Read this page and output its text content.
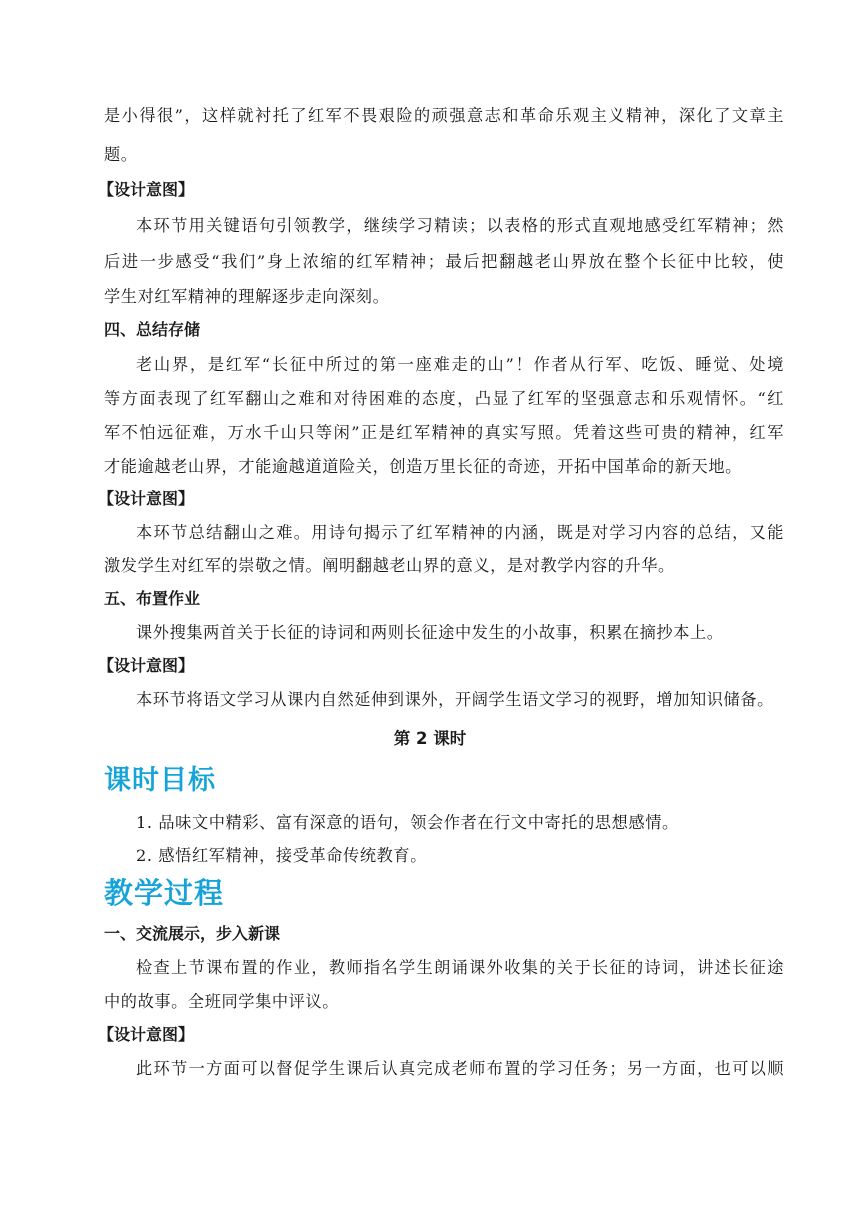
是小得很”，这样就衬托了红军不畏艰险的顽强意志和革命乐观主义精神，深化了文章主
题。
【设计意图】
本环节用关键语句引领教学，继续学习精读；以表格的形式直观地感受红军精神；然
后进一步感受“我们”身上浓缩的红军精神；最后把翻越老山界放在整个长征中比较，使
学生对红军精神的理解逐步走向深刻。
四、总结存储
老山界，是红军“长征中所过的第一座难走的山”！作者从行军、吃饭、睡觉、处境
等方面表现了红军翻山之难和对待困难的态度，凸显了红军的坚强意志和乐观情怀。“红
军不怕远征难，万水千山只等闲”正是红军精神的真实写照。凭着这些可贵的精神，红军
才能逾越老山界，才能逾越道道险关，创造万里长征的奇迹，开拓中国革命的新天地。
【设计意图】
本环节总结翻山之难。用诗句揭示了红军精神的内涵，既是对学习内容的总结，又能
激发学生对红军的崇敬之情。阐明翻越老山界的意义，是对教学内容的升华。
五、布置作业
课外搜集两首关于长征的诗词和两则长征途中发生的小故事，积累在摘抄本上。
【设计意图】
本环节将语文学习从课内自然延伸到课外，开阔学生语文学习的视野，增加知识储备。
第 2 课时
课时目标
1. 品味文中精彩、富有深意的语句，领会作者在行文中寄托的思想感情。
2. 感悟红军精神，接受革命传统教育。
教学过程
一、交流展示，步入新课
检查上节课布置的作业，教师指名学生朗诵课外收集的关于长征的诗词，讲述长征途
中的故事。全班同学集中评议。
【设计意图】
此环节一方面可以督促学生课后认真完成老师布置的学习任务；另一方面，也可以顺
